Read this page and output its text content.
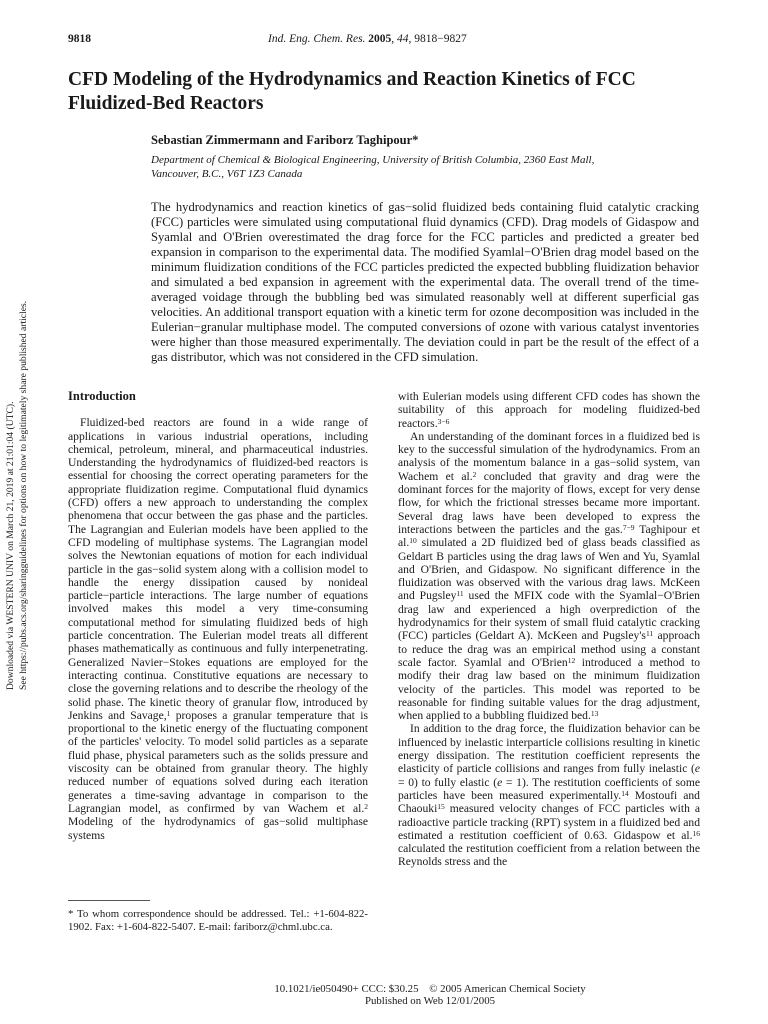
9818	Ind. Eng. Chem. Res. 2005, 44, 9818−9827
CFD Modeling of the Hydrodynamics and Reaction Kinetics of FCC Fluidized-Bed Reactors
Sebastian Zimmermann and Fariborz Taghipour*
Department of Chemical & Biological Engineering, University of British Columbia, 2360 East Mall,
Vancouver, B.C., V6T 1Z3 Canada

The hydrodynamics and reaction kinetics of gas−solid fluidized beds containing fluid catalytic cracking (FCC) particles were simulated using computational fluid dynamics (CFD). Drag models of Gidaspow and Syamlal and O'Brien overestimated the drag force for the FCC particles and predicted a greater bed expansion in comparison to the experimental data. The modified Syamlal−O'Brien drag model based on the minimum fluidization conditions of the FCC particles predicted the expected bubbling fluidization behavior and simulated a bed expansion in agreement with the experimental data. The overall trend of the time-averaged voidage through the bubbling bed was simulated reasonably well at different superficial gas velocities. An additional transport equation with a kinetic term for ozone decomposition was included in the Eulerian−granular multiphase model. The computed conversions of ozone with various catalyst inventories were higher than those measured experimentally. The deviation could in part be the result of the effect of a gas distributor, which was not considered in the CFD simulation.

Downloaded via WESTERN UNIV on March 21, 2019 at 21:01:04 (UTC). See https://pubs.acs.org/sharingguidelines for options on how to legitimately share published articles.	Introduction

Fluidized-bed reactors are found in a wide range of applications in various industrial operations, including chemical, petroleum, mineral, and pharmaceutical industries. Understanding the hydrodynamics of fluidized-bed reactors is essential for choosing the correct operating parameters for the appropriate fluidization regime. Computational fluid dynamics (CFD) offers a new approach to understanding the complex phenomena that occur between the gas phase and the particles. The Lagrangian and Eulerian models have been applied to the CFD modeling of multiphase systems. The Lagrangian model solves the Newtonian equations of motion for each individual particle in the gas−solid system along with a collision model to handle the energy dissipation caused by nonideal particle−particle interactions. The large number of equations involved makes this model a very time-consuming computational method for simulating fluidized beds of high particle concentration. The Eulerian model treats all different phases mathematically as continuous and fully interpenetrating. Generalized Navier−Stokes equations are employed for the interacting continua. Constitutive equations are necessary to close the governing relations and to describe the rheology of the solid phase. The kinetic theory of granular flow, introduced by Jenkins and Savage,$^1$ proposes a granular temperature that is proportional to the kinetic energy of the fluctuating component of the particles' velocity. To model solid particles as a separate fluid phase, physical parameters such as the solids pressure and viscosity can be obtained from granular theory. The highly reduced number of equations solved during each iteration generates a time-saving advantage in comparison to the Lagrangian model, as confirmed by van Wachem et al.$^2$ Modeling of the hydrodynamics of gas−solid multiphase systems

with Eulerian models using different CFD codes has shown the suitability of this approach for modeling fluidized-bed reactors.$^{3-6}$

An understanding of the dominant forces in a fluidized bed is key to the successful simulation of the hydrodynamics. From an analysis of the momentum balance in a gas−solid system, van Wachem et al.$^2$ concluded that gravity and drag were the dominant forces for the majority of flows, except for very dense flow, for which the frictional stresses became more important. Several drag laws have been developed to express the interactions between the particles and the gas.$^{7-9}$ Taghipour et al.$^{10}$ simulated a 2D fluidized bed of glass beads classified as Geldart B particles using the drag laws of Wen and Yu, Syamlal and O'Brien, and Gidaspow. No significant difference in the fluidization was observed with the various drag laws. McKeen and Pugsley$^{11}$ used the MFIX code with the Syamlal−O'Brien drag law and experienced a high overprediction of the hydrodynamics for their system of small fluid catalytic cracking (FCC) particles (Geldart A). McKeen and $Pugsley's^{11}$ approach to reduce the drag was an empirical method using a constant scale factor. Syamlal and O'Brien$^{12}$ introduced a method to modify their drag law based on the minimum fluidization velocity of the particles. This model was reported to be reasonable for finding suitable values for the drag adjustment, when applied to a bubbling fluidized bed.$^{13}$

In addition to the drag force, the fluidization behavior can be influenced by inelastic interparticle collisions resulting in kinetic energy dissipation. The restitution coefficient represents the elasticity of particle collisions and ranges from fully inelastic (e = 0) to fully elastic (e = 1). The restitution coefficients of some particles have been measured experimentally.$^{14}$ Mostoufi and Chaouki$^{15}$ measured velocity changes of FCC particles with a radioactive particle tracking (RPT) system in a fluidized bed and estimated a restitution coefficient of 0.63. Gidaspow et al.$^{16}$ calculated the restitution coefficient from a relation between the Reynolds stress and the

* To whom correspondence should be addressed. Tel.: +1-604-822-1902. Fax: +1-604-822-5407. E-mail: fariborz@chml.ubc.ca.
10.1021/ie050490+ CCC: $30.25 © 2005 American Chemical Society
Published on Web 12/01/2005
